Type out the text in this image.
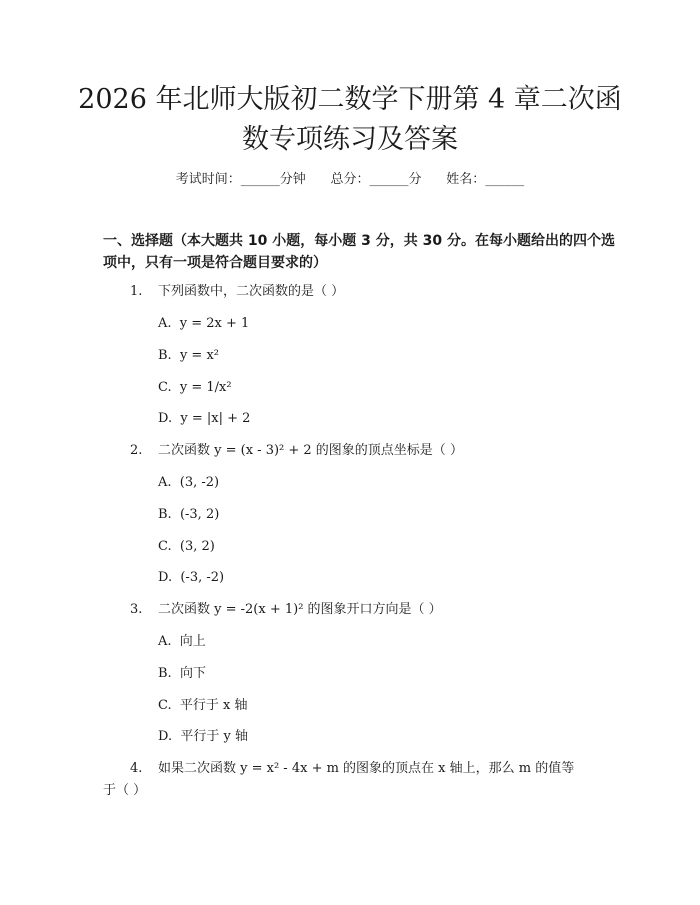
2026 年北师大版初二数学下册第 4 章二次函
数专项练习及答案
考试时间：______分钟      总分：______分      姓名：______
一、选择题（本大题共 10 小题，每小题 3 分，共 30 分。在每小题给出的四个选项中，只有一项是符合题目要求的）
1.	下列函数中，二次函数的是（ ）
A.  y = 2x + 1
B.  y = x²
C.  y = 1/x²
D.  y = |x| + 2
2.	二次函数 y = (x - 3)² + 2 的图象的顶点坐标是（ ）
A.  (3, -2)
B.  (-3, 2)
C.  (3, 2)
D.  (-3, -2)
3.	二次函数 y = -2(x + 1)² 的图象开口方向是（ ）
A.  向上
B.  向下
C.  平行于 x 轴
D.  平行于 y 轴
4.	如果二次函数 y = x² - 4x + m 的图象的顶点在 x 轴上，那么 m 的值等
于（ ）
